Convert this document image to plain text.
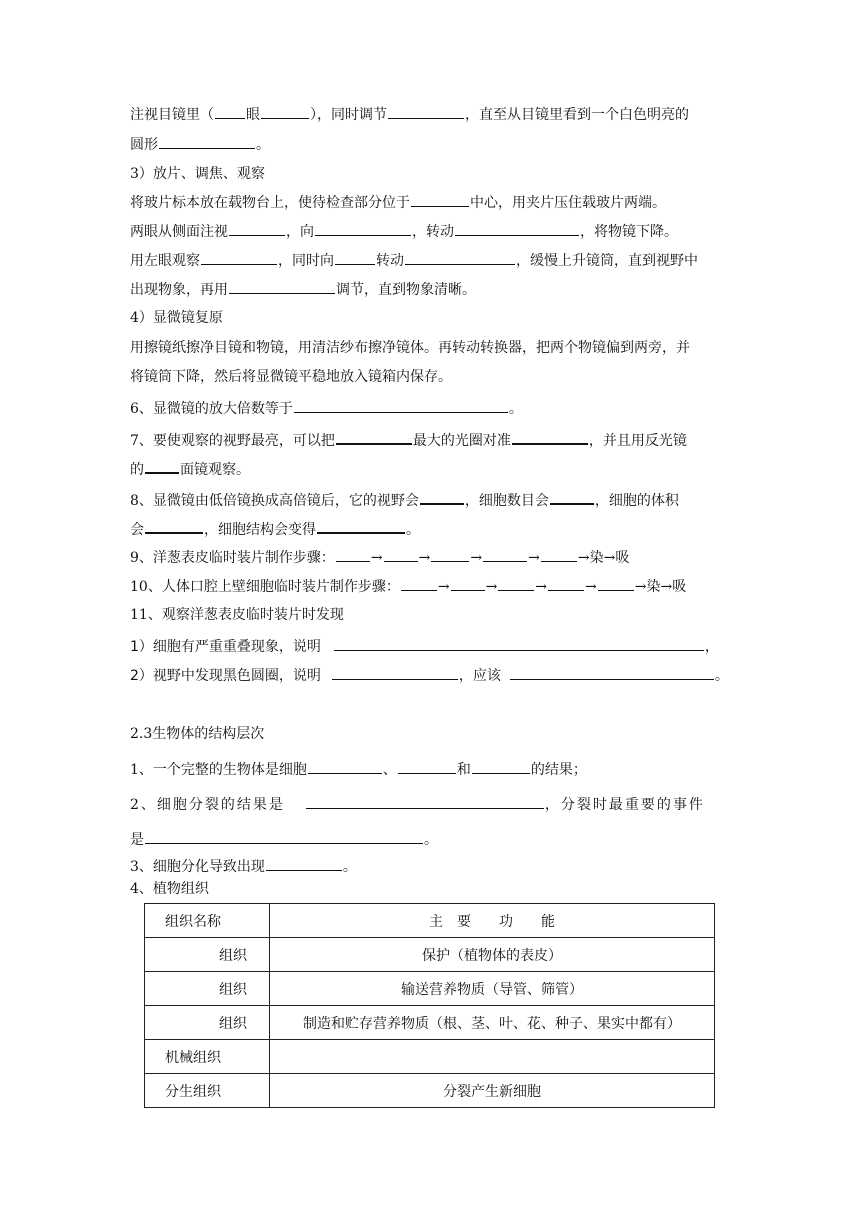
注视目镜里（ 眼	），同时调节	，直至从目镜里看到一个白色明亮的
圆形	。
3）放片、调焦、观察
将玻片标本放在载物台上，使待检查部分位于	中心，用夹片压住载玻片两端。
两眼从侧面注视	，向	，转动	，将物镜下降。
用左眼观察	，同时向	转动	，缓慢上升镜筒，直到视野中
出现物象，再用	调节，直到物象清晰。
4）显微镜复原
用擦镜纸擦净目镜和物镜，用清洁纱布擦净镜体。再转动转换器，把两个物镜偏到两旁，并
将镜筒下降，然后将显微镜平稳地放入镜箱内保存。
6、显微镜的放大倍数等于	。
7、要使观察的视野最亮，可以把	最大的光圈对准	，并且用反光镜
的	面镜观察。
8、显微镜由低倍镜换成高倍镜后，它的视野会	，细胞数目会	，细胞的体积
会	，细胞结构会变得	。
9、洋葱表皮临时装片制作步骤：	→	→	→	→	→染→吸
10、人体口腔上壁细胞临时装片制作步骤：	→	→	→	→	→染→吸
11、观察洋葱表皮临时装片时发现
1）细胞有严重重叠现象，说明	，
2）视野中发现黑色圆圈，说明	，应该	。
2.3生物体的结构层次
1、一个完整的生物体是细胞	、	和	的结果；
2、细胞分裂的结果是	，分裂时最重要的事件
是	。
3、细胞分化导致出现	。
4、植物组织
组织名称	主　要　　功　　能
组织	保护（植物体的表皮）
组织	输送营养物质（导管、筛管）
组织	制造和贮存营养物质（根、茎、叶、花、种子、果实中都有）
机械组织	
分生组织	分裂产生新细胞
